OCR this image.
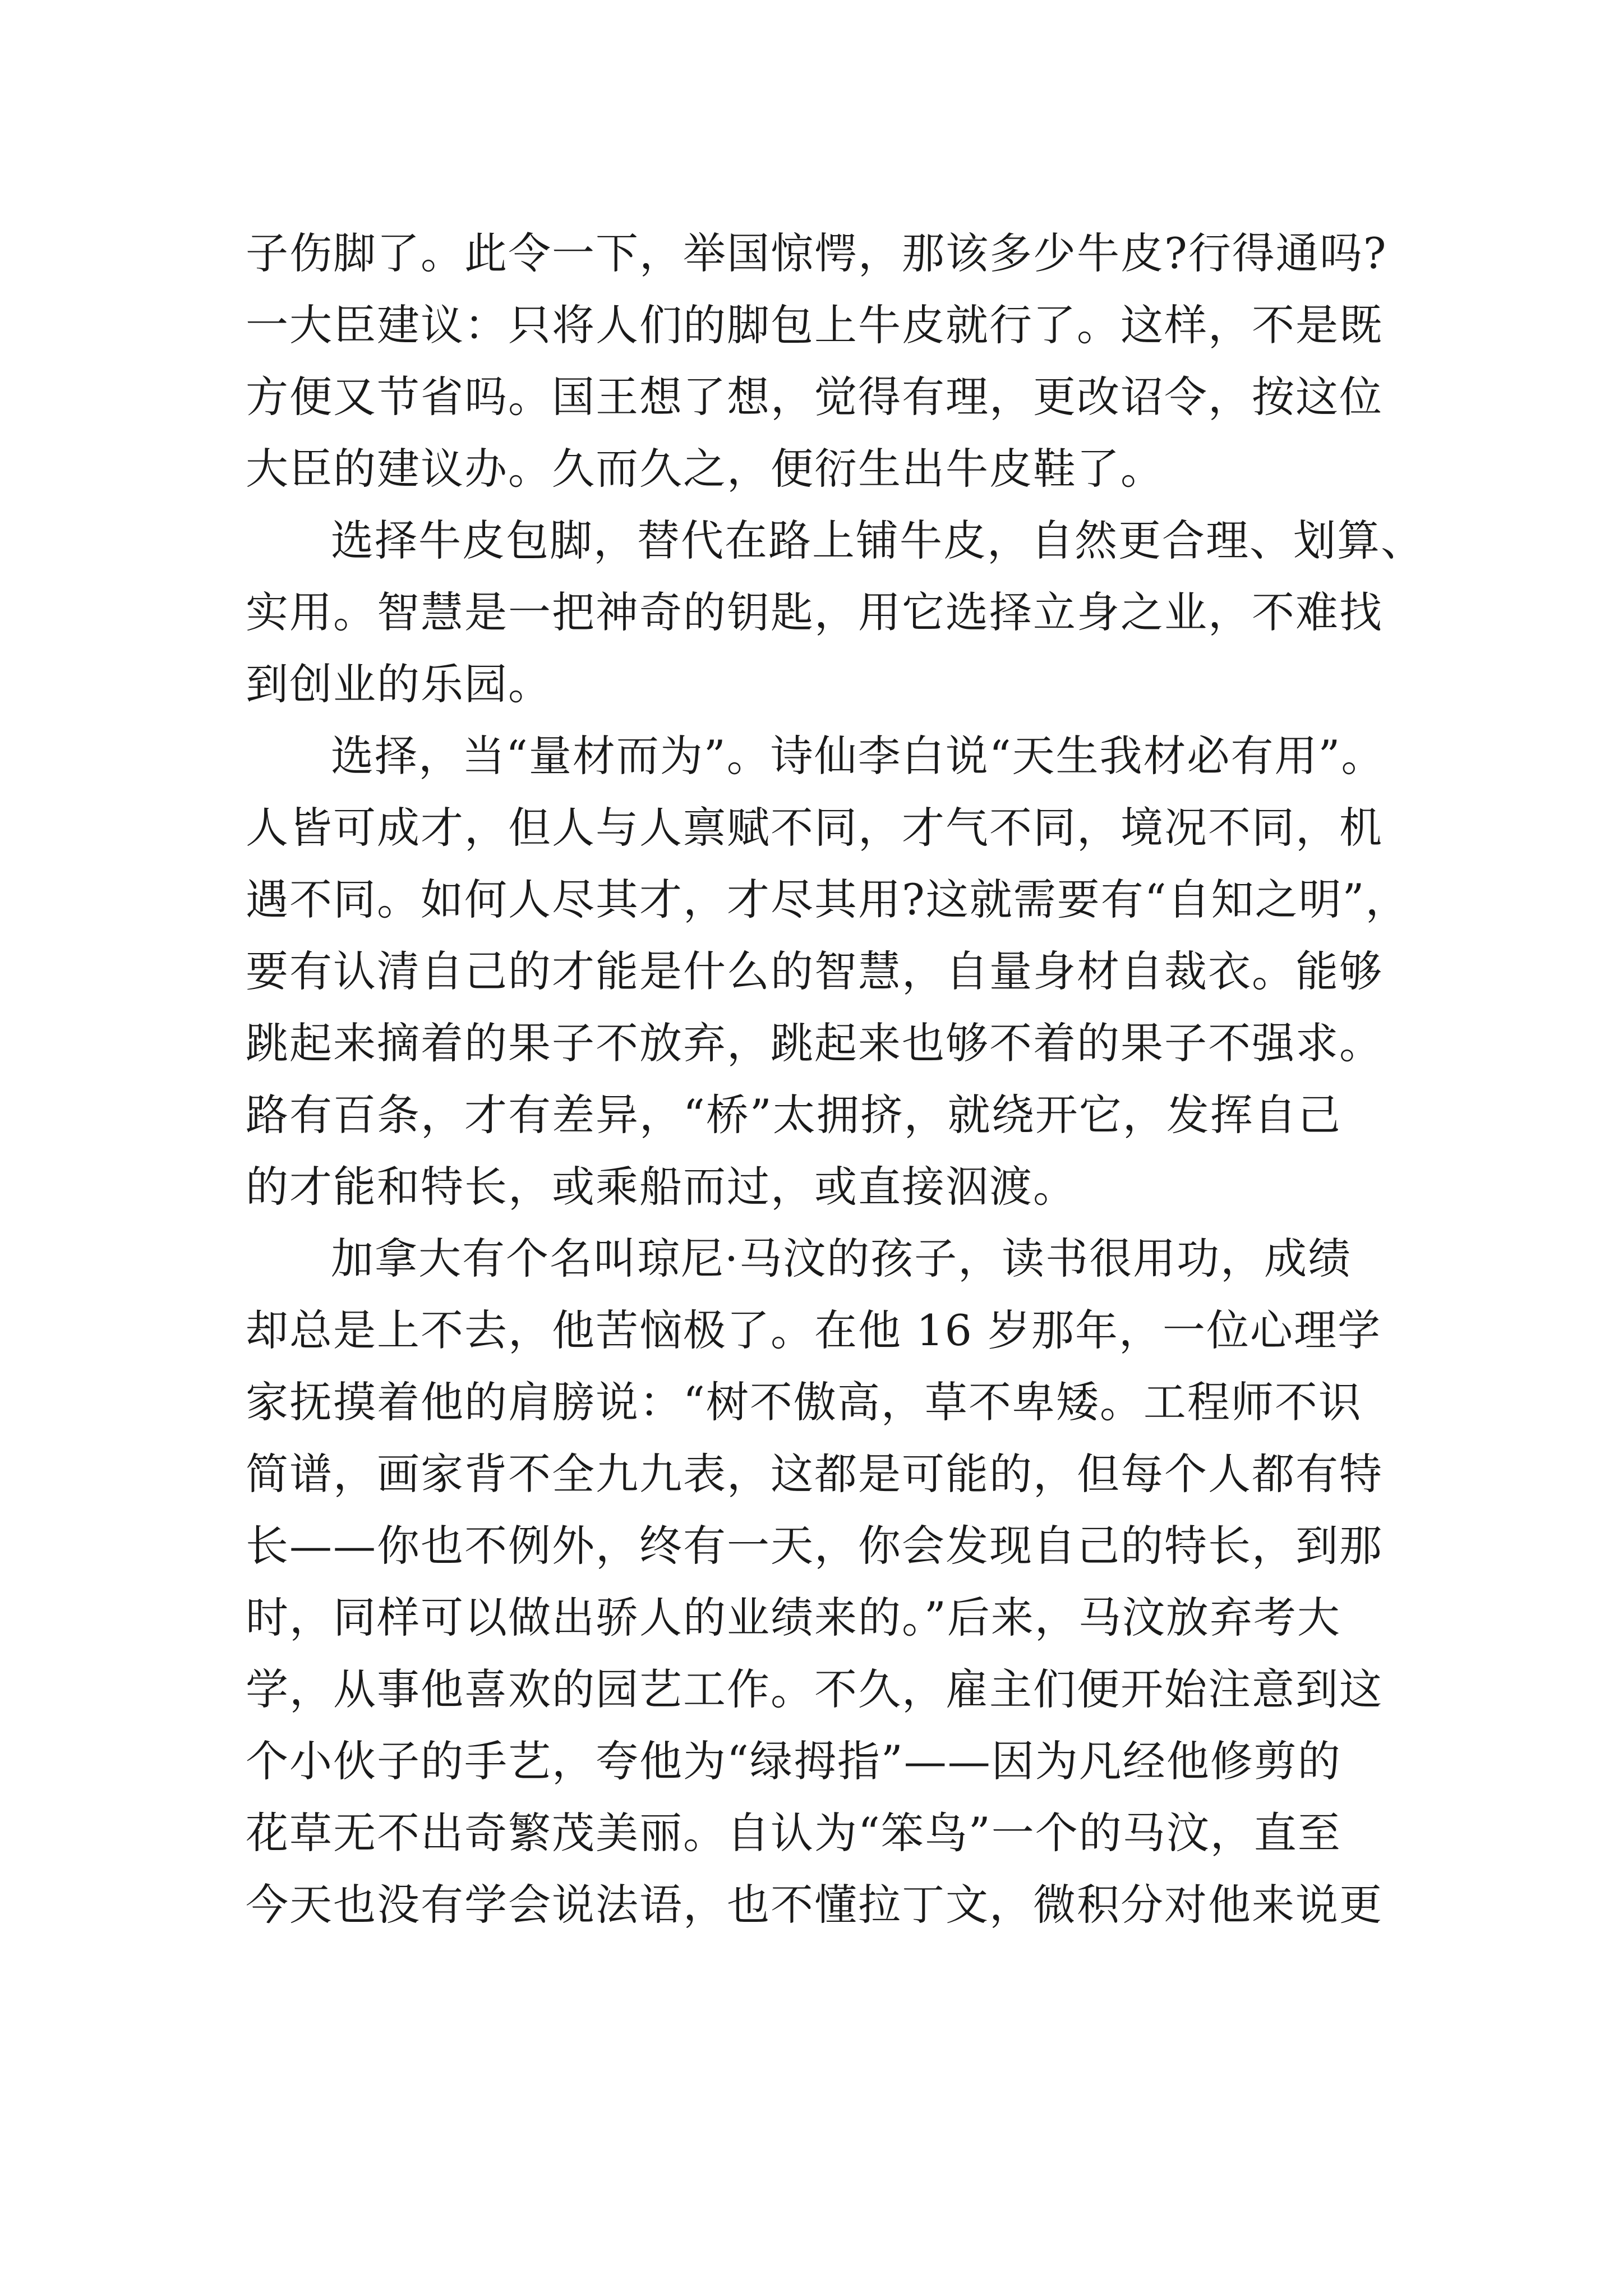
子伤脚了。此令一下，举国惊愕，那该多少牛皮?行得通吗?
一大臣建议：只将人们的脚包上牛皮就行了。这样，不是既
方便又节省吗。国王想了想，觉得有理，更改诏令，按这位
大臣的建议办。久而久之，便衍生出牛皮鞋了。
选择牛皮包脚，替代在路上铺牛皮，自然更合理、划算、
实用。智慧是一把神奇的钥匙，用它选择立身之业，不难找
到创业的乐园。
选择，当“量材而为”。诗仙李白说“天生我材必有用”。
人皆可成才，但人与人禀赋不同，才气不同，境况不同，机
遇不同。如何人尽其才，才尽其用?这就需要有“自知之明”，
要有认清自己的才能是什么的智慧，自量身材自裁衣。能够
跳起来摘着的果子不放弃，跳起来也够不着的果子不强求。
路有百条，才有差异，“桥”太拥挤，就绕开它，发挥自己
的才能和特长，或乘船而过，或直接泅渡。
加拿大有个名叫琼尼·马汶的孩子，读书很用功，成绩
却总是上不去，他苦恼极了。在他 16 岁那年，一位心理学
家抚摸着他的肩膀说：“树不傲高，草不卑矮。工程师不识
简谱，画家背不全九九表，这都是可能的，但每个人都有特
长——你也不例外，终有一天，你会发现自己的特长，到那
时，同样可以做出骄人的业绩来的。”后来，马汶放弃考大
学，从事他喜欢的园艺工作。不久，雇主们便开始注意到这
个小伙子的手艺，夸他为“绿拇指”——因为凡经他修剪的
花草无不出奇繁茂美丽。自认为“笨鸟”一个的马汶，直至
今天也没有学会说法语，也不懂拉丁文，微积分对他来说更
